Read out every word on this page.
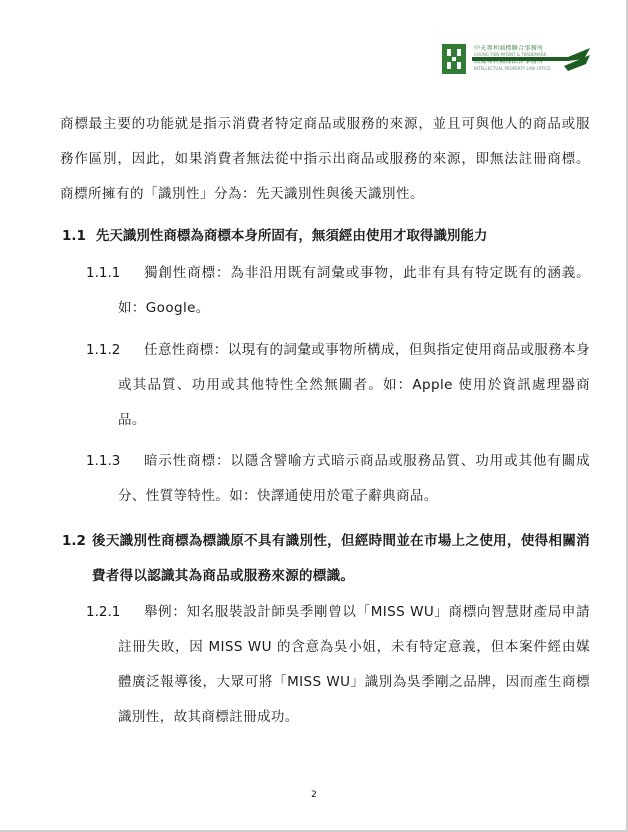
中天專利商標聯合事務所
CHUNG TIEN PATENT & TRADEMARK
高威專利商標法律事務所
INTELLECTUAL PROPERTY LAW OFFICE

商標最主要的功能就是指示消費者特定商品或服務的來源，並且可與他人的商品或服務作區別，因此，如果消費者無法從中指示出商品或服務的來源，即無法註冊商標。商標所擁有的「識別性」分為：先天識別性與後天識別性。

1.1 先天識別性商標為商標本身所固有，無須經由使用才取得識別能力
1.1.1	獨創性商標：為非沿用既有詞彙或事物，此非有具有特定既有的涵義。如：Google。
1.1.2	任意性商標：以現有的詞彙或事物所構成，但與指定使用商品或服務本身或其品質、功用或其他特性全然無關者。如：Apple 使用於資訊處理器商品。
1.1.3	暗示性商標：以隱含譬喻方式暗示商品或服務品質、功用或其他有關成分、性質等特性。如：快譯通使用於電子辭典商品。
1.2 後天識別性商標為標識原不具有識別性，但經時間並在市場上之使用，使得相關消費者得以認識其為商品或服務來源的標識。
1.2.1	舉例：知名服裝設計師吳季剛曾以「MISS WU」商標向智慧財產局申請註冊失敗，因 MISS WU 的含意為吳小姐，未有特定意義，但本案件經由媒體廣泛報導後，大眾可將「MISS WU」識別為吳季剛之品牌，因而產生商標識別性，故其商標註冊成功。
2
